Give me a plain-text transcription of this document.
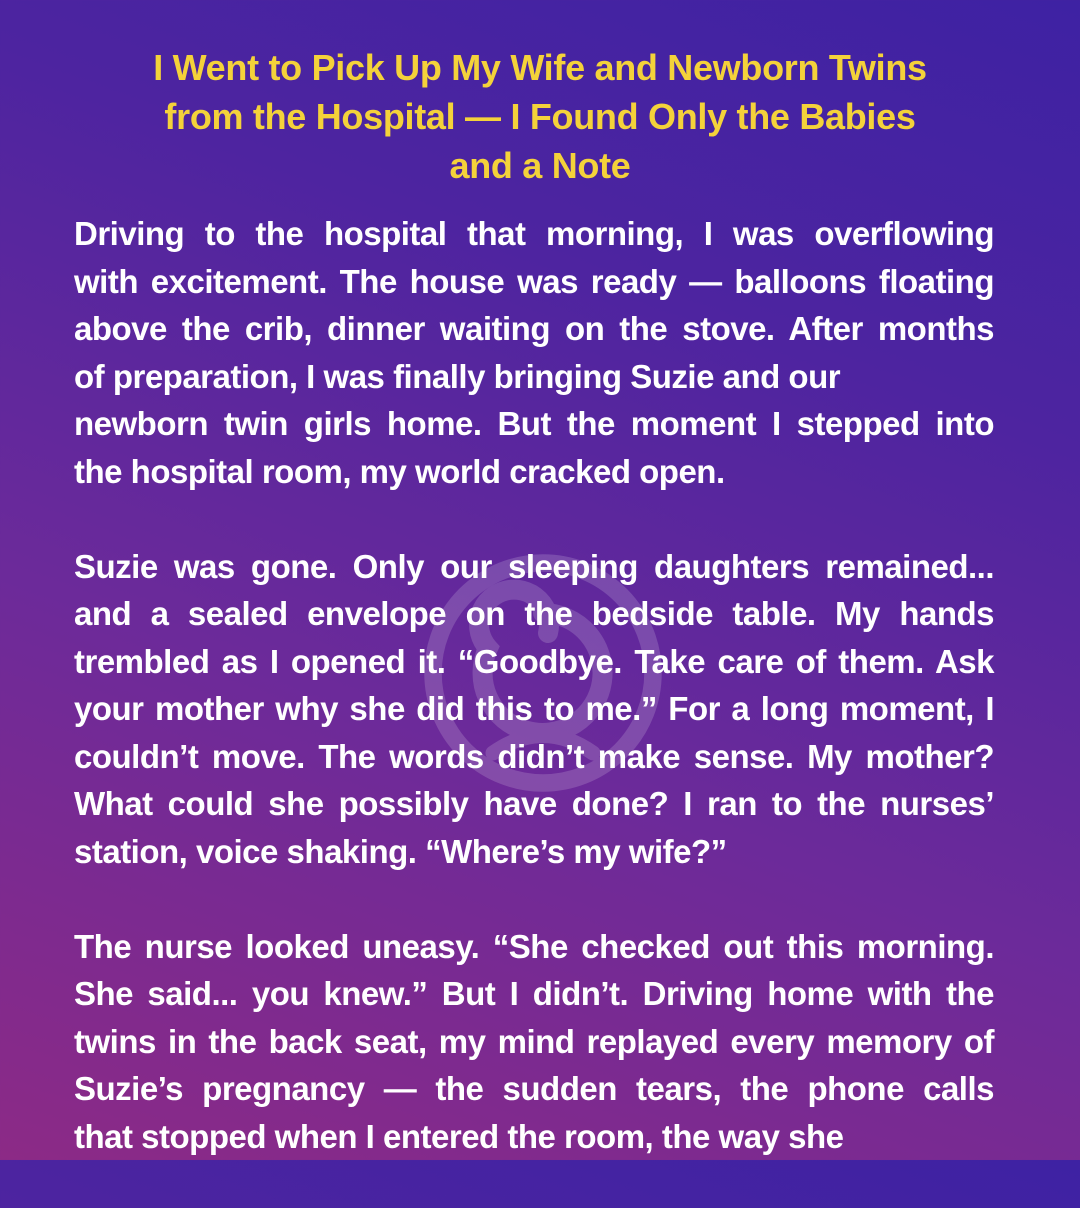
I Went to Pick Up My Wife and Newborn Twins
from the Hospital — I Found Only the Babies
and a Note
Driving to the hospital that morning, I was overflowing
with excitement. The house was ready — balloons floating
above the crib, dinner waiting on the stove. After months
of preparation, I was finally bringing Suzie and our
newborn twin girls home. But the moment I stepped into
the hospital room, my world cracked open.
Suzie was gone. Only our sleeping daughters remained...
and a sealed envelope on the bedside table. My hands
trembled as I opened it. “Goodbye. Take care of them. Ask
your mother why she did this to me.” For a long moment, I
couldn’t move. The words didn’t make sense. My mother?
What could she possibly have done? I ran to the nurses’
station, voice shaking. “Where’s my wife?”
The nurse looked uneasy. “She checked out this morning.
She said... you knew.” But I didn’t. Driving home with the
twins in the back seat, my mind replayed every memory of
Suzie’s pregnancy — the sudden tears, the phone calls
that stopped when I entered the room, the way she
